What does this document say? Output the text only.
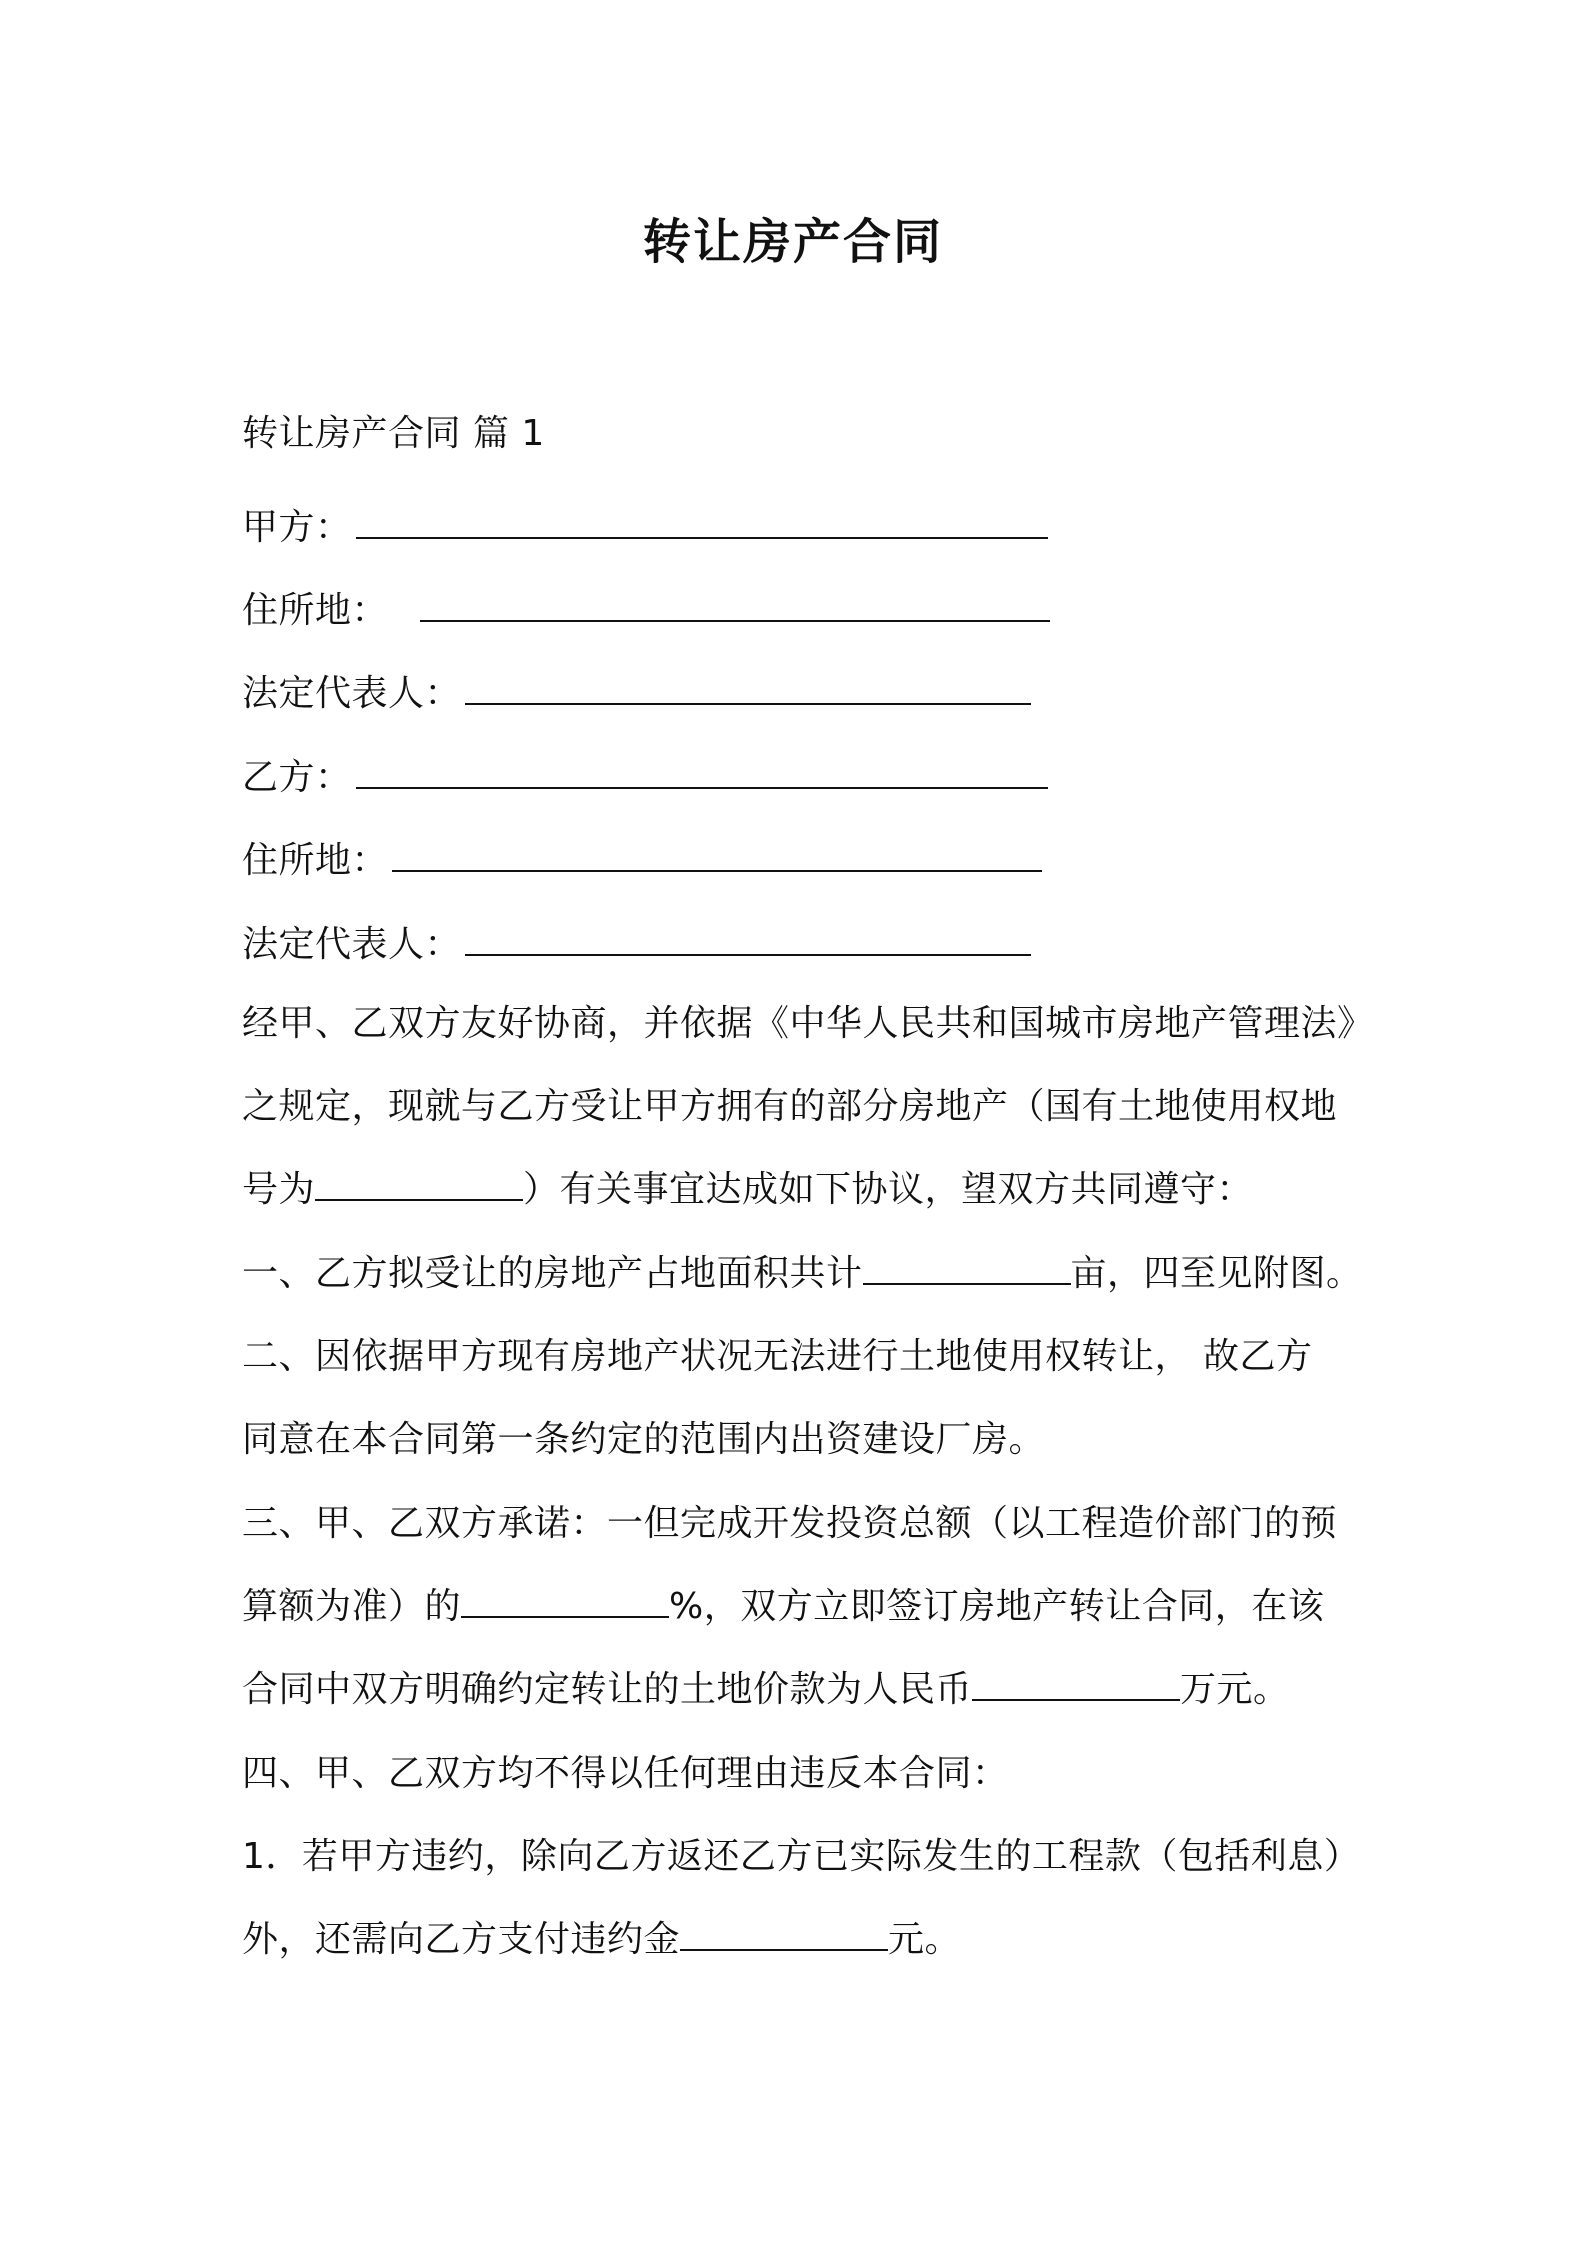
转让房产合同
转让房产合同 篇 1
甲方：
住所地：
法定代表人：
乙方：
住所地：
法定代表人：
经甲、乙双方友好协商，并依据《中华人民共和国城市房地产管理法》
之规定，现就与乙方受让甲方拥有的部分房地产（国有土地使用权地
号为	）有关事宜达成如下协议，望双方共同遵守：
一、乙方拟受让的房地产占地面积共计	亩，四至见附图。
二、因依据甲方现有房地产状况无法进行土地使用权转让， 故乙方
同意在本合同第一条约定的范围内出资建设厂房。
三、甲、乙双方承诺：一但完成开发投资总额（以工程造价部门的预
算额为准）的	%，双方立即签订房地产转让合同，在该
合同中双方明确约定转让的土地价款为人民币	万元。
四、甲、乙双方均不得以任何理由违反本合同：
1．若甲方违约，除向乙方返还乙方已实际发生的工程款（包括利息）
外，还需向乙方支付违约金	元。
